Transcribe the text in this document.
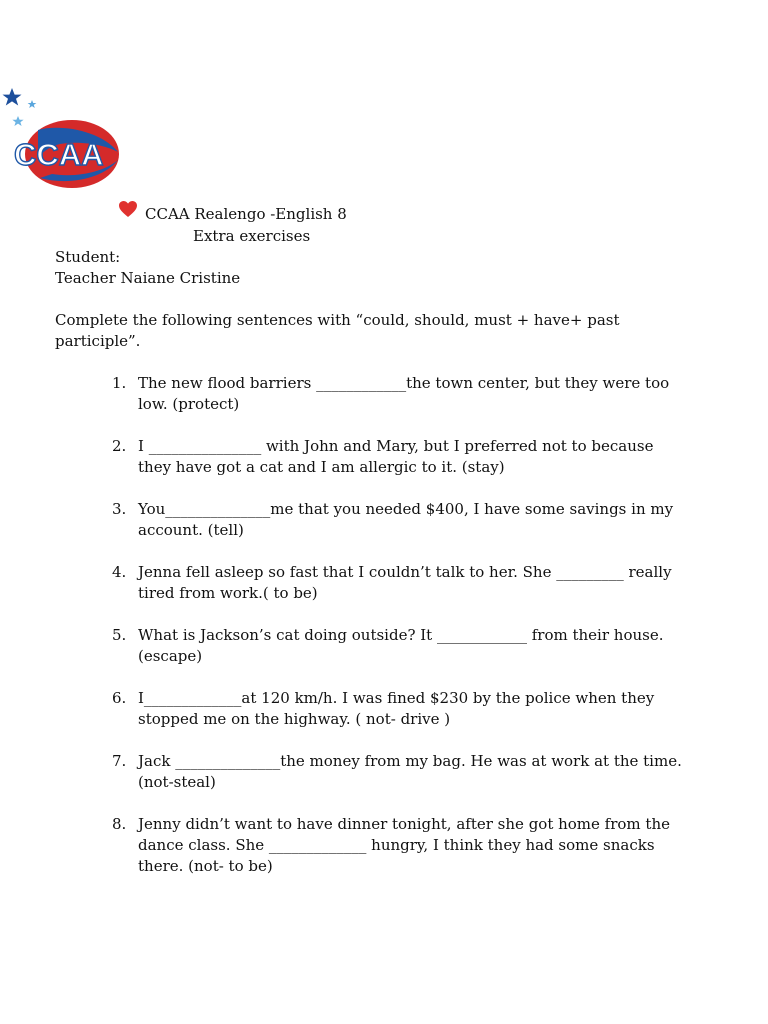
CCAA
CCAA Realengo -English 8
Extra exercises
Student:
Teacher Naiane Cristine
Complete the following sentences with “could, should, must + have+ past participle”.
1. The new flood barriers ____________the town center, but they were too low. (protect)
2. I _______________ with John and Mary, but I preferred not to because they have got a cat and I am allergic to it. (stay)
3. You______________me that you needed $400, I have some savings in my account. (tell)
4. Jenna fell asleep so fast that I couldn’t talk to her. She _________ really tired from work.( to be)
5. What is Jackson’s cat doing outside? It ____________ from their house. (escape)
6. I_____________at 120 km/h. I was fined $230 by the police when they stopped me on the highway. ( not- drive )
7. Jack ______________the money from my bag. He was at work at the time. (not-steal)
8. Jenny didn’t want to have dinner tonight, after she got home from the dance class. She _____________ hungry, I think they had some snacks there. (not- to be)
